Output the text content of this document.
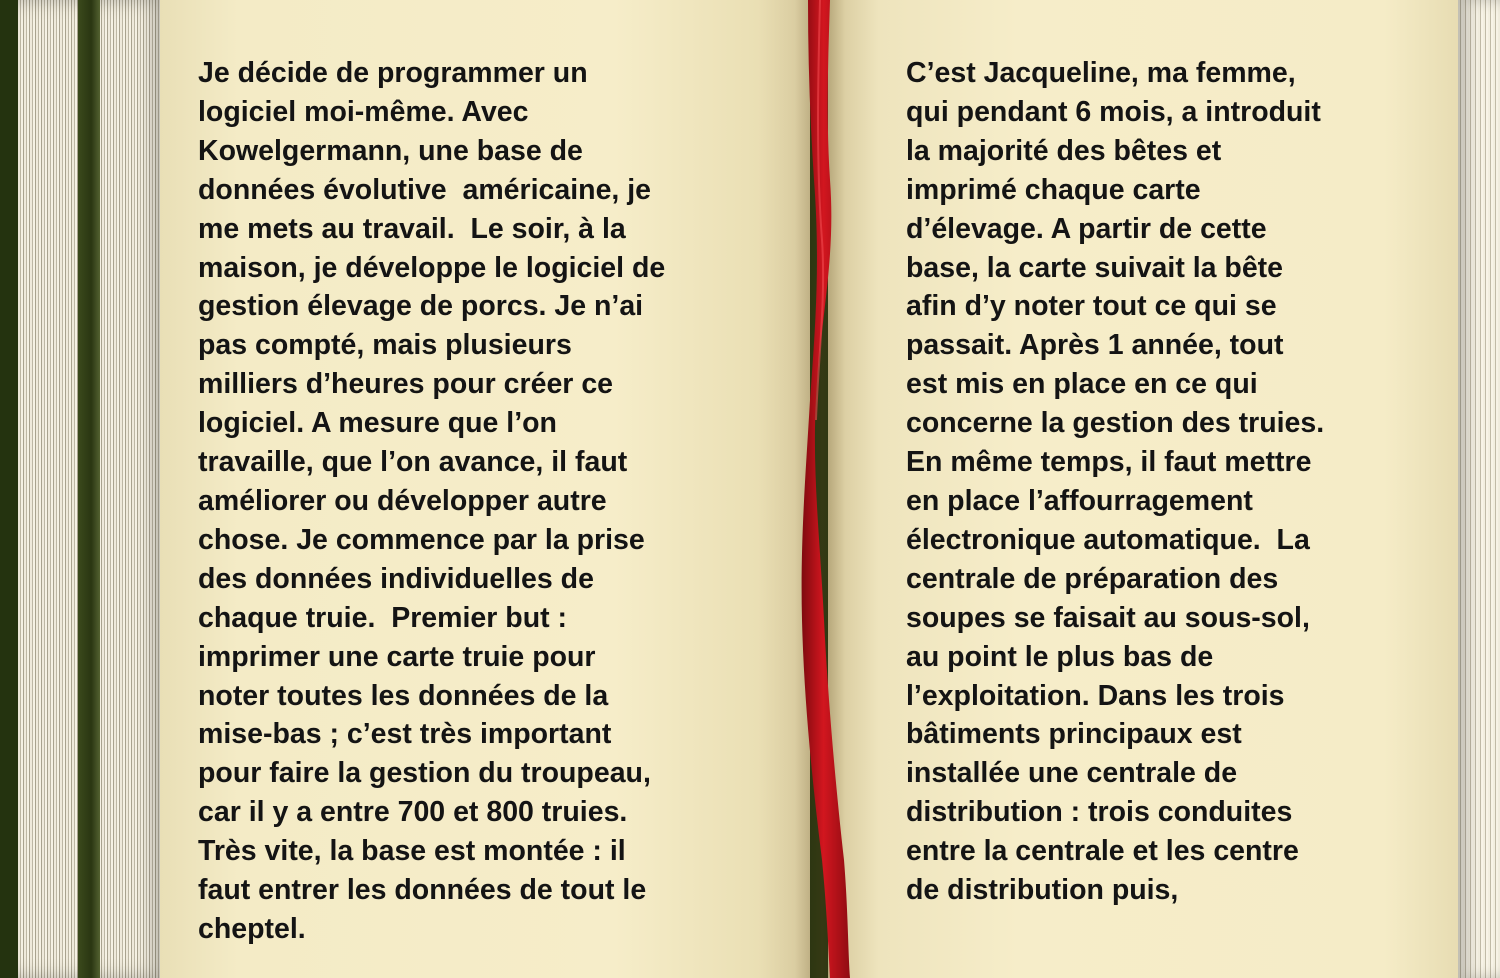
Je décide de programmer un
logiciel moi-même. Avec
Kowelgermann, une base de
données évolutive  américaine, je
me mets au travail.  Le soir, à la
maison, je développe le logiciel de
gestion élevage de porcs. Je n’ai
pas compté, mais plusieurs
milliers d’heures pour créer ce
logiciel. A mesure que l’on
travaille, que l’on avance, il faut
améliorer ou développer autre
chose. Je commence par la prise
des données individuelles de
chaque truie.  Premier but :
imprimer une carte truie pour
noter toutes les données de la
mise-bas ; c’est très important
pour faire la gestion du troupeau,
car il y a entre 700 et 800 truies.
Très vite, la base est montée : il
faut entrer les données de tout le
cheptel.
C’est Jacqueline, ma femme,
qui pendant 6 mois, a introduit
la majorité des bêtes et
imprimé chaque carte
d’élevage. A partir de cette
base, la carte suivait la bête
afin d’y noter tout ce qui se
passait. Après 1 année, tout
est mis en place en ce qui
concerne la gestion des truies.
En même temps, il faut mettre
en place l’affourragement
électronique automatique.  La
centrale de préparation des
soupes se faisait au sous-sol,
au point le plus bas de
l’exploitation. Dans les trois
bâtiments principaux est
installée une centrale de
distribution : trois conduites
entre la centrale et les centre
de distribution puis,
